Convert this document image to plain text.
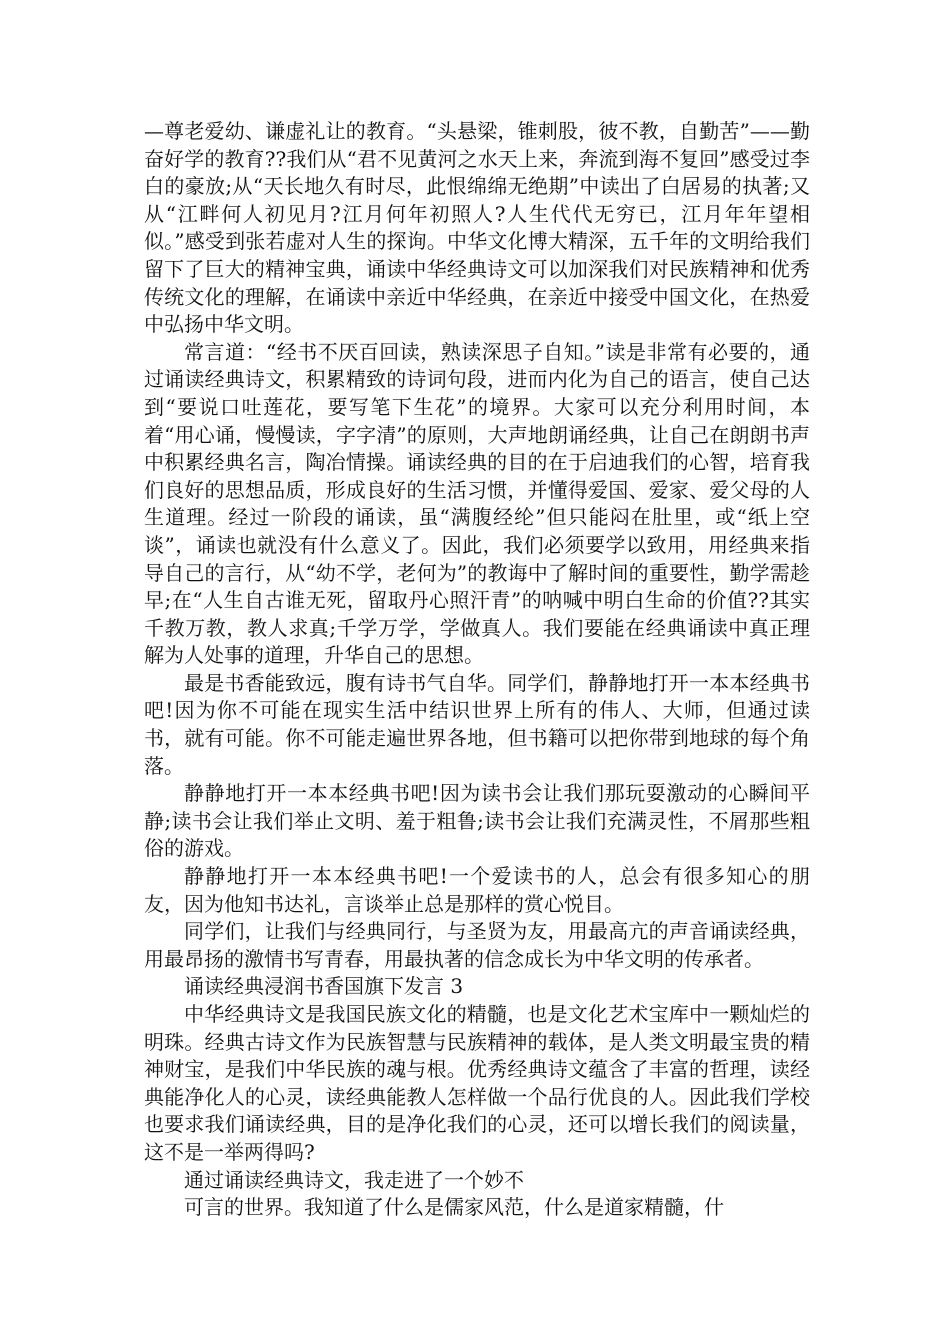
—尊老爱幼、谦虚礼让的教育。“头悬梁，锥刺股，彼不教，自勤苦”——勤奋好学的教育??我们从“君不见黄河之水天上来，奔流到海不复回”感受过李白的豪放;从“天长地久有时尽，此恨绵绵无绝期”中读出了白居易的执著;又从“江畔何人初见月?江月何年初照人?人生代代无穷已，江月年年望相似。”感受到张若虚对人生的探询。中华文化博大精深，五千年的文明给我们留下了巨大的精神宝典，诵读中华经典诗文可以加深我们对民族精神和优秀传统文化的理解，在诵读中亲近中华经典，在亲近中接受中国文化，在热爱中弘扬中华文明。

常言道：“经书不厌百回读，熟读深思子自知。”读是非常有必要的，通过诵读经典诗文，积累精致的诗词句段，进而内化为自己的语言，使自己达到“要说口吐莲花，要写笔下生花”的境界。大家可以充分利用时间，本着“用心诵，慢慢读，字字清”的原则，大声地朗诵经典，让自己在朗朗书声中积累经典名言，陶冶情操。诵读经典的目的在于启迪我们的心智，培育我们良好的思想品质，形成良好的生活习惯，并懂得爱国、爱家、爱父母的人生道理。经过一阶段的诵读，虽“满腹经纶”但只能闷在肚里，或“纸上空谈”，诵读也就没有什么意义了。因此，我们必须要学以致用，用经典来指导自己的言行，从“幼不学，老何为”的教诲中了解时间的重要性，勤学需趁早;在“人生自古谁无死，留取丹心照汗青”的呐喊中明白生命的价值??其实千教万教，教人求真;千学万学，学做真人。我们要能在经典诵读中真正理解为人处事的道理，升华自己的思想。

最是书香能致远，腹有诗书气自华。同学们，静静地打开一本本经典书吧!因为你不可能在现实生活中结识世界上所有的伟人、大师，但通过读书，就有可能。你不可能走遍世界各地，但书籍可以把你带到地球的每个角落。

静静地打开一本本经典书吧!因为读书会让我们那玩耍激动的心瞬间平静;读书会让我们举止文明、羞于粗鲁;读书会让我们充满灵性，不屑那些粗俗的游戏。

静静地打开一本本经典书吧!一个爱读书的人，总会有很多知心的朋友，因为他知书达礼，言谈举止总是那样的赏心悦目。

同学们，让我们与经典同行，与圣贤为友，用最高亢的声音诵读经典，用最昂扬的激情书写青春，用最执著的信念成长为中华文明的传承者。

诵读经典浸润书香国旗下发言 3

中华经典诗文是我国民族文化的精髓，也是文化艺术宝库中一颗灿烂的明珠。经典古诗文作为民族智慧与民族精神的载体，是人类文明最宝贵的精神财宝，是我们中华民族的魂与根。优秀经典诗文蕴含了丰富的哲理，读经典能净化人的心灵，读经典能教人怎样做一个品行优良的人。因此我们学校也要求我们诵读经典，目的是净化我们的心灵，还可以增长我们的阅读量，这不是一举两得吗?

通过诵读经典诗文，我走进了一个妙不

可言的世界。我知道了什么是儒家风范，什么是道家精髓，什
